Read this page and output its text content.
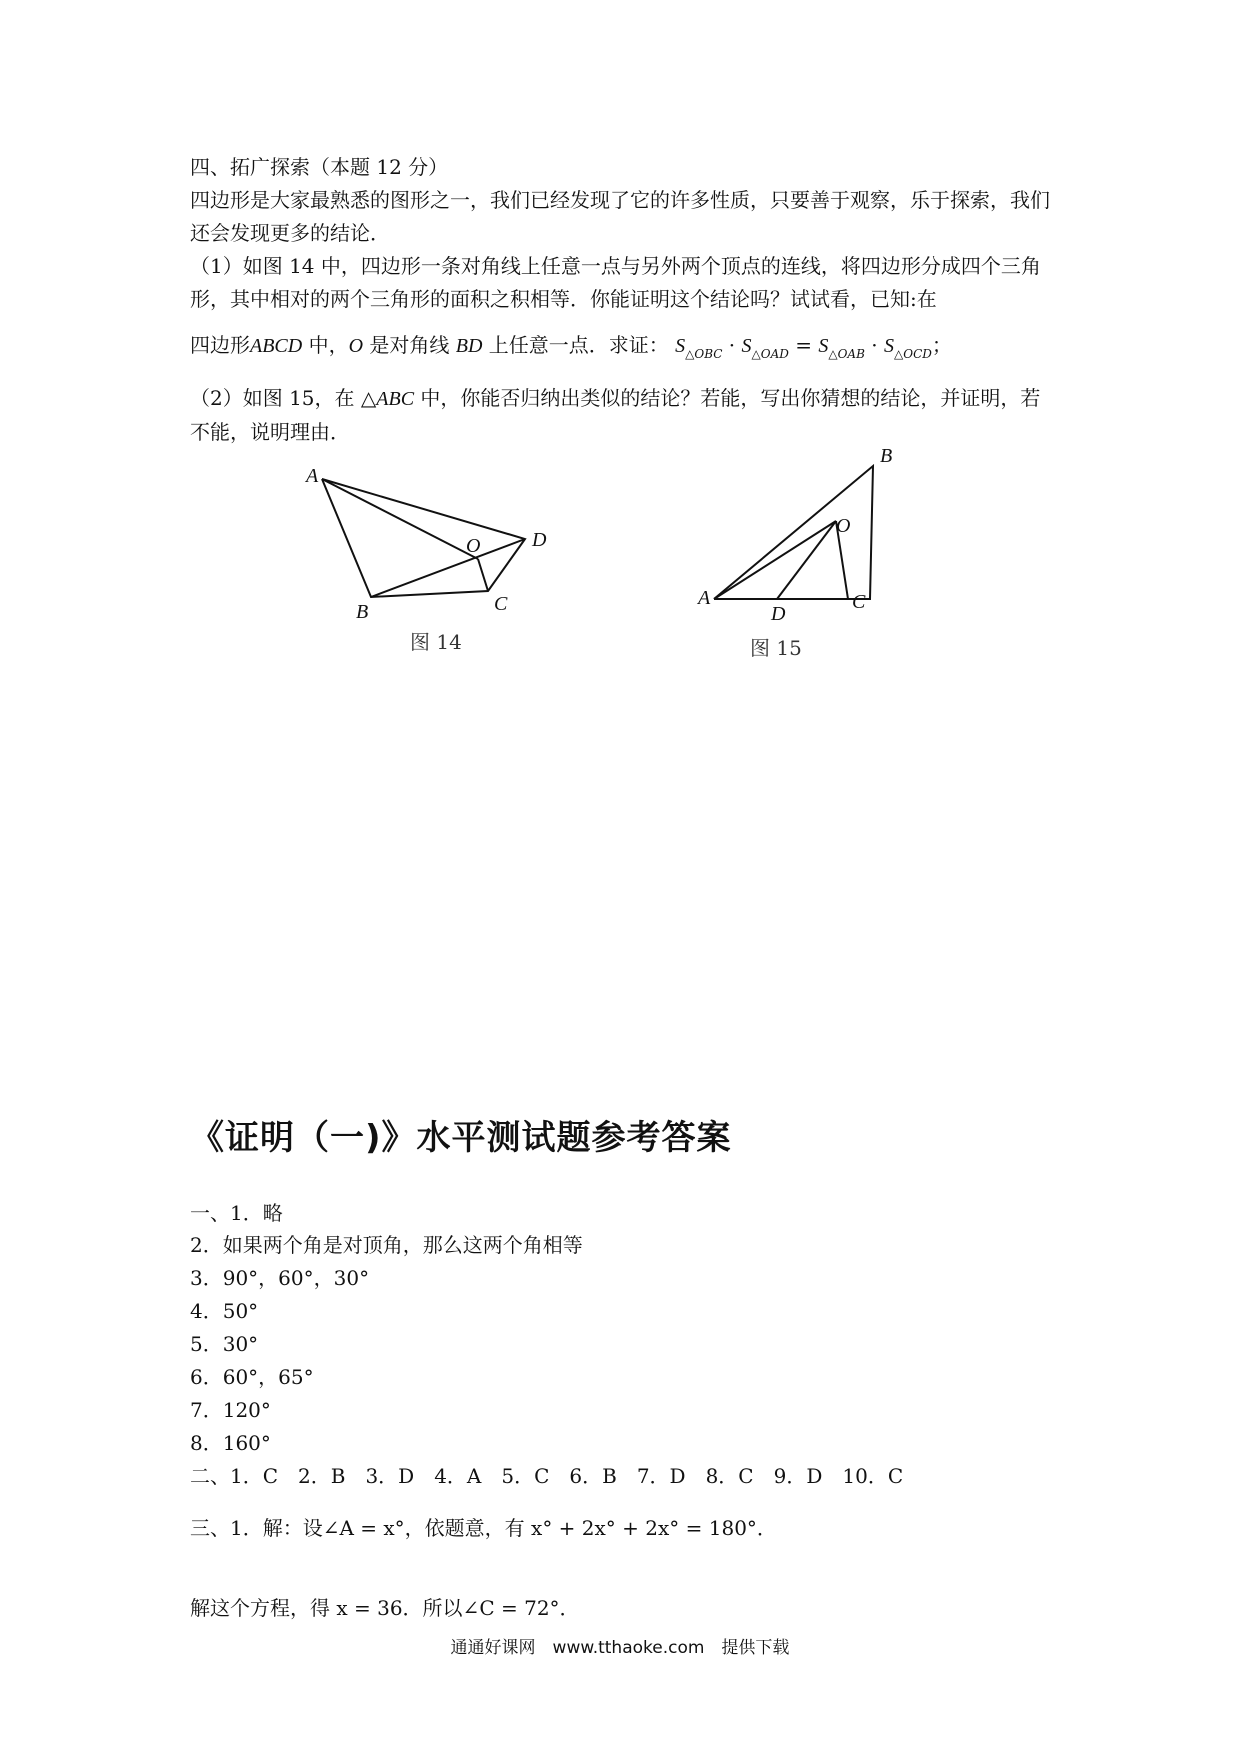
四、拓广探索（本题 12 分）
四边形是大家最熟悉的图形之一，我们已经发现了它的许多性质，只要善于观察，乐于探索，我们还会发现更多的结论．
（1）如图 14 中，四边形一条对角线上任意一点与另外两个顶点的连线，将四边形分成四个三角形，其中相对的两个三角形的面积之积相等．你能证明这个结论吗？试试看，已知:在
四边形ABCD 中，O 是对角线 BD 上任意一点．求证： $S_{\triangle OBC} \cdot S_{\triangle OAD} = S_{\triangle OAB} \cdot S_{\triangle OCD}$；
（2）如图 15，在 △ABC 中，你能否归纳出类似的结论？若能，写出你猜想的结论，并证明，若不能，说明理由．
A
B	C
D
O
图 14
A
B
C
D
O
图 15
《证明（一)》水平测试题参考答案
一、1．略
2．如果两个角是对顶角，那么这两个角相等
3．90°，60°，30°
4．50°
5．30°
6．60°，65°
7．120°
8．160°
二、1．C　2．B　3．D　4．A　5．C　6．B　7．D　8．C　9．D　10．C
三、1．解：设∠A = x°，依题意，有 x° + 2x° + 2x° = 180°．
解这个方程，得 x = 36．所以∠C = 72°．
通通好课网　www.tthaoke.com　提供下载
